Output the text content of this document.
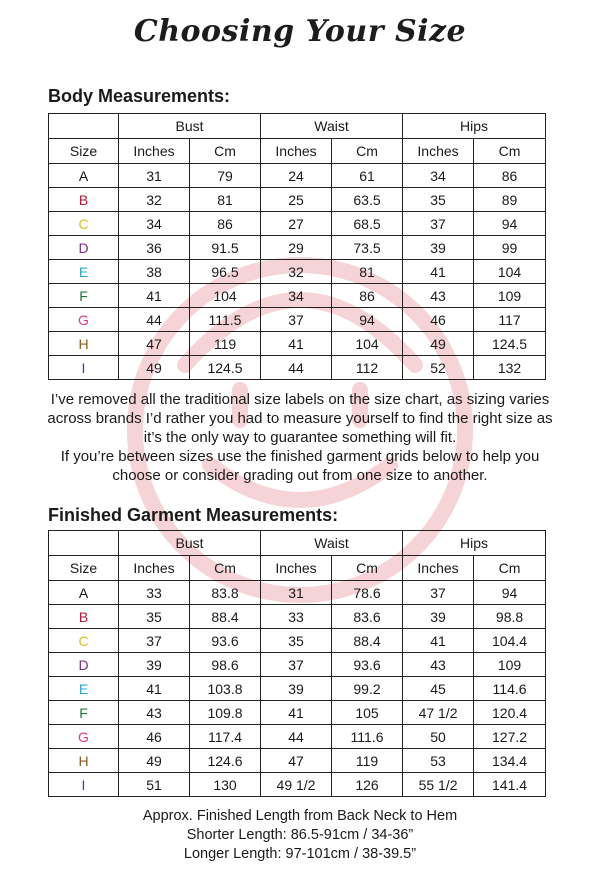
Choosing Your Size
Body Measurements:
	Bust		Waist		Hips	
Size	Inches	Cm	Inches	Cm	Inches	Cm
A	31	79	24	61	34	86
B	32	81	25	63.5	35	89
C	34	86	27	68.5	37	94
D	36	91.5	29	73.5	39	99
E	38	96.5	32	81	41	104
F	41	104	34	86	43	109
G	44	111.5	37	94	46	117
H	47	119	41	104	49	124.5
I	49	124.5	44	112	52	132

I’ve removed all the traditional size labels on the size chart, as sizing varies

across brands I’d rather you had to measure yourself to find the right size as

it’s the only way to guarantee something will fit.

If you’re between sizes use the finished garment grids below to help you

choose or consider grading out from one size to another.

Finished Garment Measurements:
	Bust		Waist		Hips	
Size	Inches	Cm	Inches	Cm	Inches	Cm
A	33	83.8	31	78.6	37	94
B	35	88.4	33	83.6	39	98.8
C	37	93.6	35	88.4	41	104.4
D	39	98.6	37	93.6	43	109
E	41	103.8	39	99.2	45	114.6
F	43	109.8	41	105	47 1/2	120.4
G	46	117.4	44	111.6	50	127.2
H	49	124.6	47	119	53	134.4
I	51	130	49 1/2	126	55 1/2	141.4

Approx. Finished Length from Back Neck to Hem

Shorter Length: 86.5-91cm / 34-36”

Longer Length: 97-101cm / 38-39.5”
